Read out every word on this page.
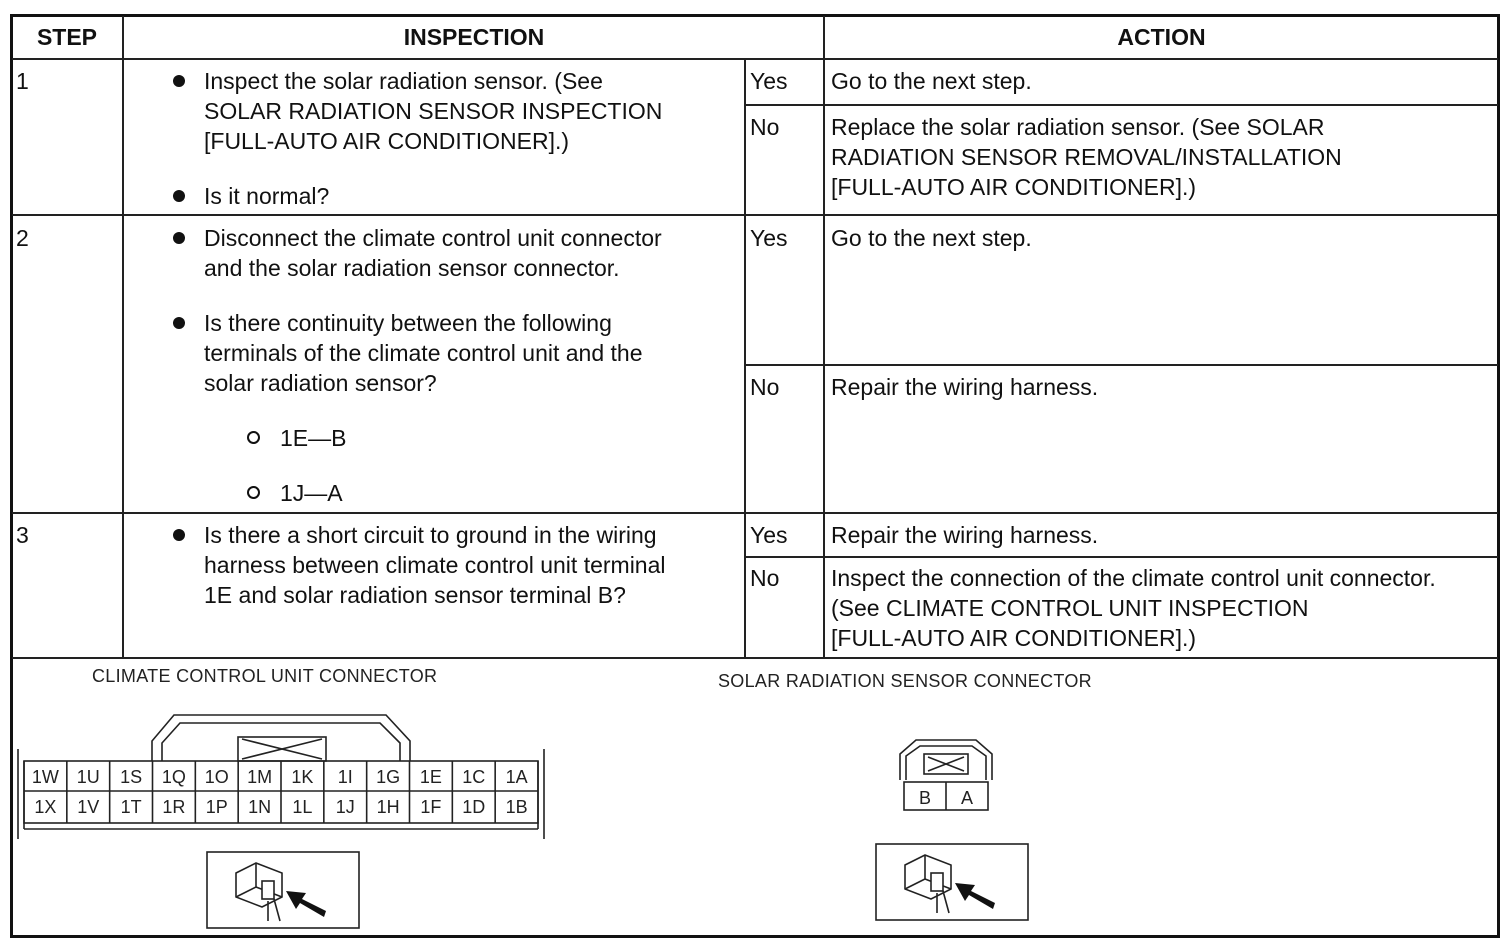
STEP	INSPECTION	ACTION
1	Inspect the solar radiation sensor. (See
SOLAR RADIATION SENSOR INSPECTION
[FULL-AUTO AIR CONDITIONER].)
Is it normal?
Yes Go to the next step.
No Replace the solar radiation sensor. (See SOLAR
RADIATION SENSOR REMOVAL/INSTALLATION
[FULL-AUTO AIR CONDITIONER].)
2	Disconnect the climate control unit connector
and the solar radiation sensor connector.
Is there continuity between the following
terminals of the climate control unit and the
solar radiation sensor?
1E—B
1J—A
Yes Go to the next step.
No Repair the wiring harness.
3	Is there a short circuit to ground in the wiring
harness between climate control unit terminal
1E and solar radiation sensor terminal B?
Yes Repair the wiring harness.
No Inspect the connection of the climate control unit connector.
(See CLIMATE CONTROL UNIT INSPECTION
[FULL-AUTO AIR CONDITIONER].)
CLIMATE CONTROL UNIT CONNECTOR	SOLAR RADIATION SENSOR CONNECTOR
1W 1U 1S 1Q 1O 1M 1K 1I 1G 1E 1C 1A
1X 1V 1T 1R 1P 1N 1L 1J 1H 1F 1D 1B	B A
